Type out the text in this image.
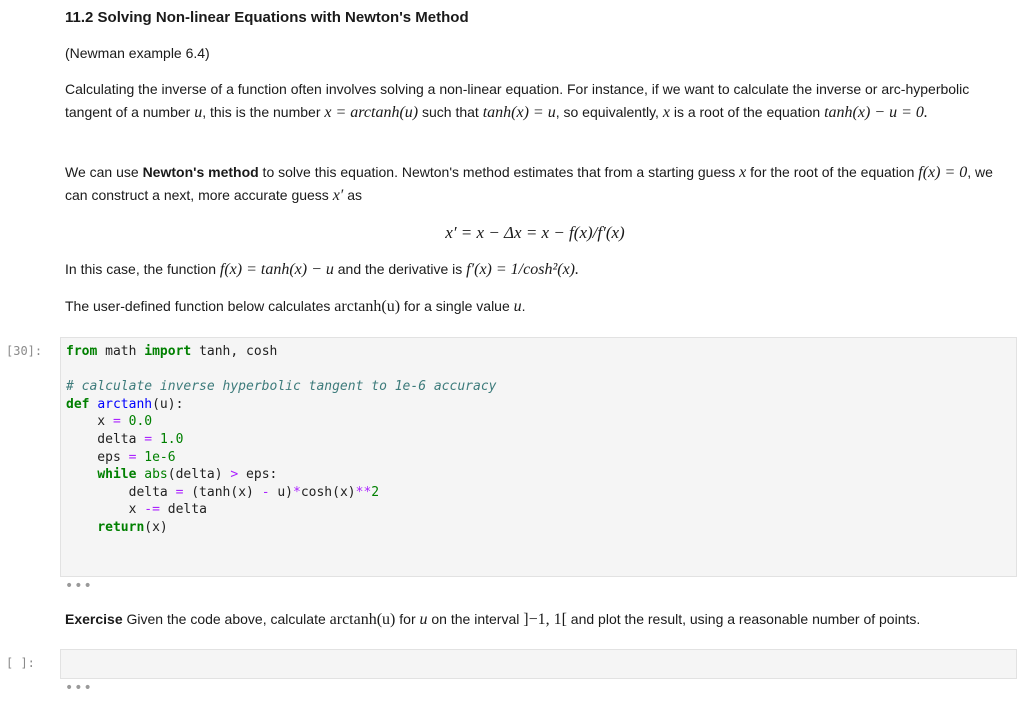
11.2 Solving Non-linear Equations with Newton's Method
(Newman example 6.4)
Calculating the inverse of a function often involves solving a non-linear equation. For instance, if we want to calculate the inverse or arc-hyperbolic tangent of a number u, this is the number x = arctanh(u) such that tanh(x) = u, so equivalently, x is a root of the equation tanh(x) − u = 0.
We can use Newton's method to solve this equation. Newton's method estimates that from a starting guess x for the root of the equation f(x) = 0, we can construct a next, more accurate guess x′ as
x′ = x − Δx = x − f(x)/f′(x)
In this case, the function f(x) = tanh(x) − u and the derivative is f′(x) = 1/cosh²(x).
The user-defined function below calculates arctanh(u) for a single value u.
[30]:	from math import tanh, cosh

# calculate inverse hyperbolic tangent to 1e-6 accuracy
def arctanh(u):
x = 0.0
delta = 1.0
eps = 1e-6
while abs(delta) > eps:
delta = (tanh(x) - u)*cosh(x)**2
x -= delta
return(x)
•••
Exercise Given the code above, calculate arctanh(u) for u on the interval ]−1, 1[ and plot the result, using a reasonable number of points.
[ ]:
•••
